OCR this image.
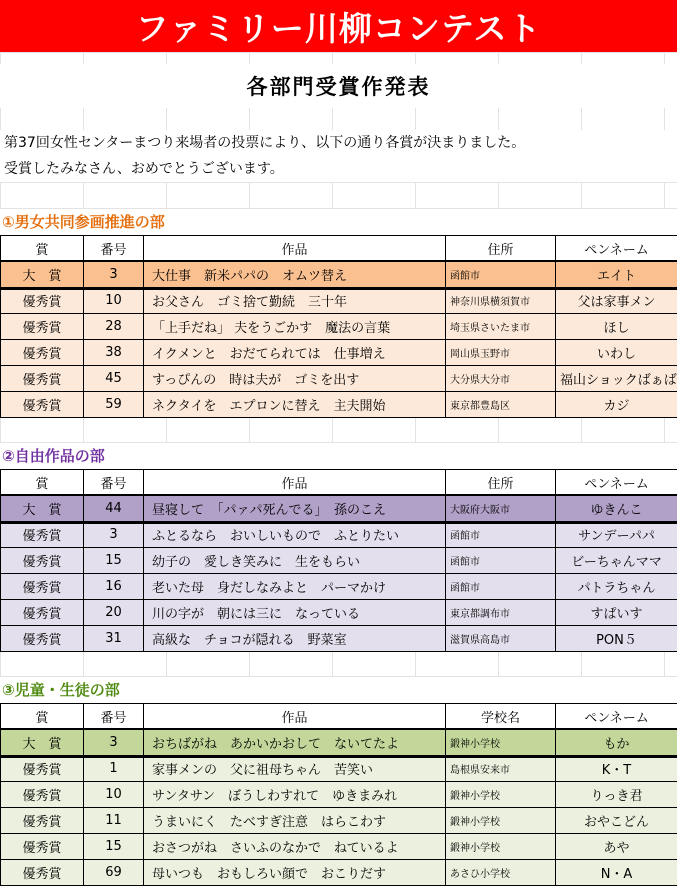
ファミリー川柳コンテスト
各部門受賞作発表
第37回女性センターまつり来場者の投票により、以下の通り各賞が決まりました。
受賞したみなさん、おめでとうございます。
①男女共同参画推進の部
賞	番号	作品	住所	ペンネーム
大　賞	3	大仕事　新米パパの　オムツ替え	函館市	エイト
優秀賞	10	お父さん　ゴミ捨て勤続　三十年	神奈川県横須賀市	父は家事メン
優秀賞	28	「上手だね」 夫をうごかす　魔法の言葉	埼玉県さいたま市	ほし
優秀賞	38	イクメンと　おだてられては　仕事増え	岡山県玉野市	いわし
優秀賞	45	すっぴんの　時は夫が　ゴミを出す	大分県大分市	福山ショックばぁば
優秀賞	59	ネクタイを　エプロンに替え　主夫開始	東京都豊島区	カジ
②自由作品の部
賞	番号	作品	住所	ペンネーム
大　賞	44	昼寝して　「パァパ死んでる」　孫のこえ	大阪府大阪市	ゆきんこ
優秀賞	3	ふとるなら　おいしいもので　ふとりたい	函館市	サンデーパパ
優秀賞	15	幼子の　愛しき笑みに　生をもらい	函館市	ビーちゃんママ
優秀賞	16	老いた母　身だしなみよと　パーマかけ	函館市	パトラちゃん
優秀賞	20	川の字が　朝には三に　なっている	東京都調布市	すぱいす
優秀賞	31	高級な　チョコが隠れる　野菜室	滋賀県高島市	PON５
③児童・生徒の部
賞	番号	作品	学校名	ペンネーム
大　賞	3	おちばがね　あかいかおして　ないてたよ	鍛神小学校	もか
優秀賞	1	家事メンの　父に祖母ちゃん　苦笑い	島根県安来市	K・T
優秀賞	10	サンタサン　ぼうしわすれて　ゆきまみれ	鍛神小学校	りっき君
優秀賞	11	うまいにく　たべすぎ注意　はらこわす	鍛神小学校	おやこどん
優秀賞	15	おさつがね　さいふのなかで　ねているよ	鍛神小学校	あや
優秀賞	69	母いつも　おもしろい顔で　おこりだす	あさひ小学校	N・A
